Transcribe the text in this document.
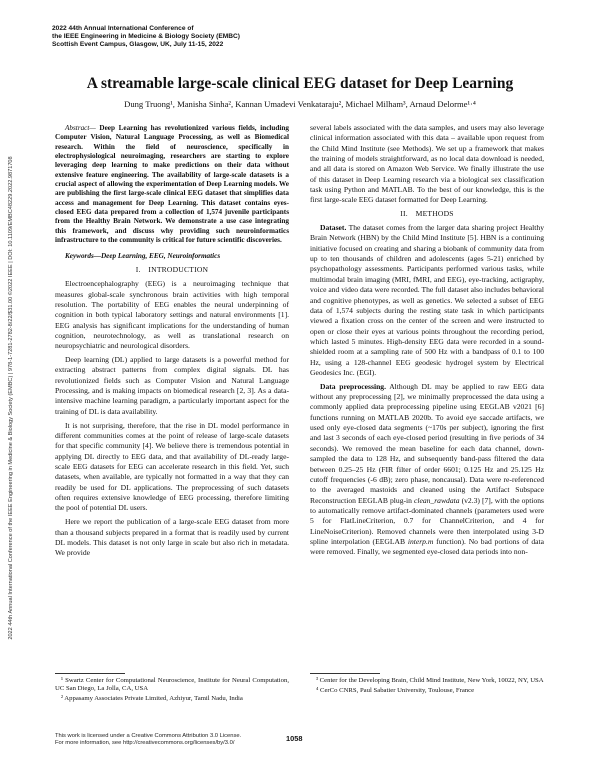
2022 44th Annual International Conference of
the IEEE Engineering in Medicine & Biology Society (EMBC)
Scottish Event Campus, Glasgow, UK, July 11-15, 2022
2022 44th Annual International Conference of the IEEE Engineering in Medicine & Biology Society (EMBC) | 978-1-7281-2782-8/22/$31.00 ©2022 IEEE | DOI: 10.1109/EMBC48229.2022.9871708
A streamable large-scale clinical EEG dataset for Deep Learning
Dung Truong¹, Manisha Sinha², Kannan Umadevi Venkataraju², Michael Milham³, Arnaud Delorme¹·⁴

Abstract— Deep Learning has revolutionized various fields, including Computer Vision, Natural Language Processing, as well as Biomedical research. Within the field of neuroscience, specifically in electrophysiological neuroimaging, researchers are starting to explore leveraging deep learning to make predictions on their data without extensive feature engineering. The availability of large-scale datasets is a crucial aspect of allowing the experimentation of Deep Learning models. We are publishing the first large-scale clinical EEG dataset that simplifies data access and management for Deep Learning. This dataset contains eyes-closed EEG data prepared from a collection of 1,574 juvenile participants from the Healthy Brain Network. We demonstrate a use case integrating this framework, and discuss why providing such neuroinformatics infrastructure to the community is critical for future scientific discoveries.

Keywords—Deep Learning, EEG, Neuroinformatics

I. INTRODUCTION

Electroencephalography (EEG) is a neuroimaging technique that measures global-scale synchronous brain activities with high temporal resolution. The portability of EEG enables the neural underpinning of cognition in both typical laboratory settings and natural environments [1]. EEG analysis has significant implications for the understanding of human cognition, neurotechnology, as well as translational research on neuropsychiatric and neurological disorders.

Deep learning (DL) applied to large datasets is a powerful method for extracting abstract patterns from complex digital signals. DL has revolutionized fields such as Computer Vision and Natural Language Processing, and is making impacts on biomedical research [2, 3]. As a data-intensive machine learning paradigm, a particularly important aspect for the training of DL is data availability.

It is not surprising, therefore, that the rise in DL model performance in different communities comes at the point of release of large-scale datasets for that specific community [4]. We believe there is tremendous potential in applying DL directly to EEG data, and that availability of DL-ready large-scale EEG datasets for EEG can accelerate research in this field. Yet, such datasets, when available, are typically not formatted in a way that they can readily be used for DL applications. The preprocessing of such datasets often requires extensive knowledge of EEG processing, therefore limiting the pool of potential DL users.

Here we report the publication of a large-scale EEG dataset from more than a thousand subjects prepared in a format that is readily used by current DL models. This dataset is not only large in scale but also rich in metadata. We provide

several labels associated with the data samples, and users may also leverage clinical information associated with this data – available upon request from the Child Mind Institute (see Methods). We set up a framework that makes the training of models straightforward, as no local data download is needed, and all data is stored on Amazon Web Service. We finally illustrate the use of this dataset in Deep Learning research via a biological sex classification task using Python and MATLAB. To the best of our knowledge, this is the first large-scale EEG dataset formatted for Deep Learning.

II. METHODS

Dataset. The dataset comes from the larger data sharing project Healthy Brain Network (HBN) by the Child Mind Institute [5]. HBN is a continuing initiative focused on creating and sharing a biobank of community data from up to ten thousands of children and adolescents (ages 5-21) enriched by psychopathology assessments. Participants performed various tasks, while multimodal brain imaging (MRI, fMRI, and EEG), eye-tracking, actigraphy, voice and video data were recorded. The full dataset also includes behavioral and cognitive phenotypes, as well as genetics. We selected a subset of EEG data of 1,574 subjects during the resting state task in which participants viewed a fixation cross on the center of the screen and were instructed to open or close their eyes at various points throughout the recording period, which lasted 5 minutes. High-density EEG data were recorded in a sound-shielded room at a sampling rate of 500 Hz with a bandpass of 0.1 to 100 Hz, using a 128-channel EEG geodesic hydrogel system by Electrical Geodesics Inc. (EGI).

Data preprocessing. Although DL may be applied to raw EEG data without any preprocessing [2], we minimally preprocessed the data using a commonly applied data preprocessing pipeline using EEGLAB v2021 [6] functions running on MATLAB 2020b. To avoid eye saccade artifacts, we used only eye-closed data segments (~170s per subject), ignoring the first and last 3 seconds of each eye-closed period (resulting in five periods of 34 seconds). We removed the mean baseline for each data channel, down-sampled the data to 128 Hz, and subsequently band-pass filtered the data between 0.25–25 Hz (FIR filter of order 6601; 0.125 Hz and 25.125 Hz cutoff frequencies (-6 dB); zero phase, noncausal). Data were re-referenced to the averaged mastoids and cleaned using the Artifact Subspace Reconstruction EEGLAB plug-in clean_rawdata (v2.3) [7], with the options to automatically remove artifact-dominated channels (parameters used were 5 for FlatLineCriterion, 0.7 for ChannelCriterion, and 4 for LineNoiseCriterion). Removed channels were then interpolated using 3-D spline interpolation (EEGLAB interp.m function). No bad portions of data were removed. Finally, we segmented eye-closed data periods into non-

¹ Swartz Center for Computational Neuroscience, Institute for Neural Computation, UC San Diego, La Jolla, CA, USA

² Appasamy Associates Private Limited, Azhiyur, Tamil Nadu, India

³ Center for the Developing Brain, Child Mind Institute, New York, 10022, NY, USA

⁴ CerCo CNRS, Paul Sabatier University, Toulouse, France

This work is licensed under a Creative Commons Attribution 3.0 License.
For more information, see http://creativecommons.org/licenses/by/3.0/
1058
